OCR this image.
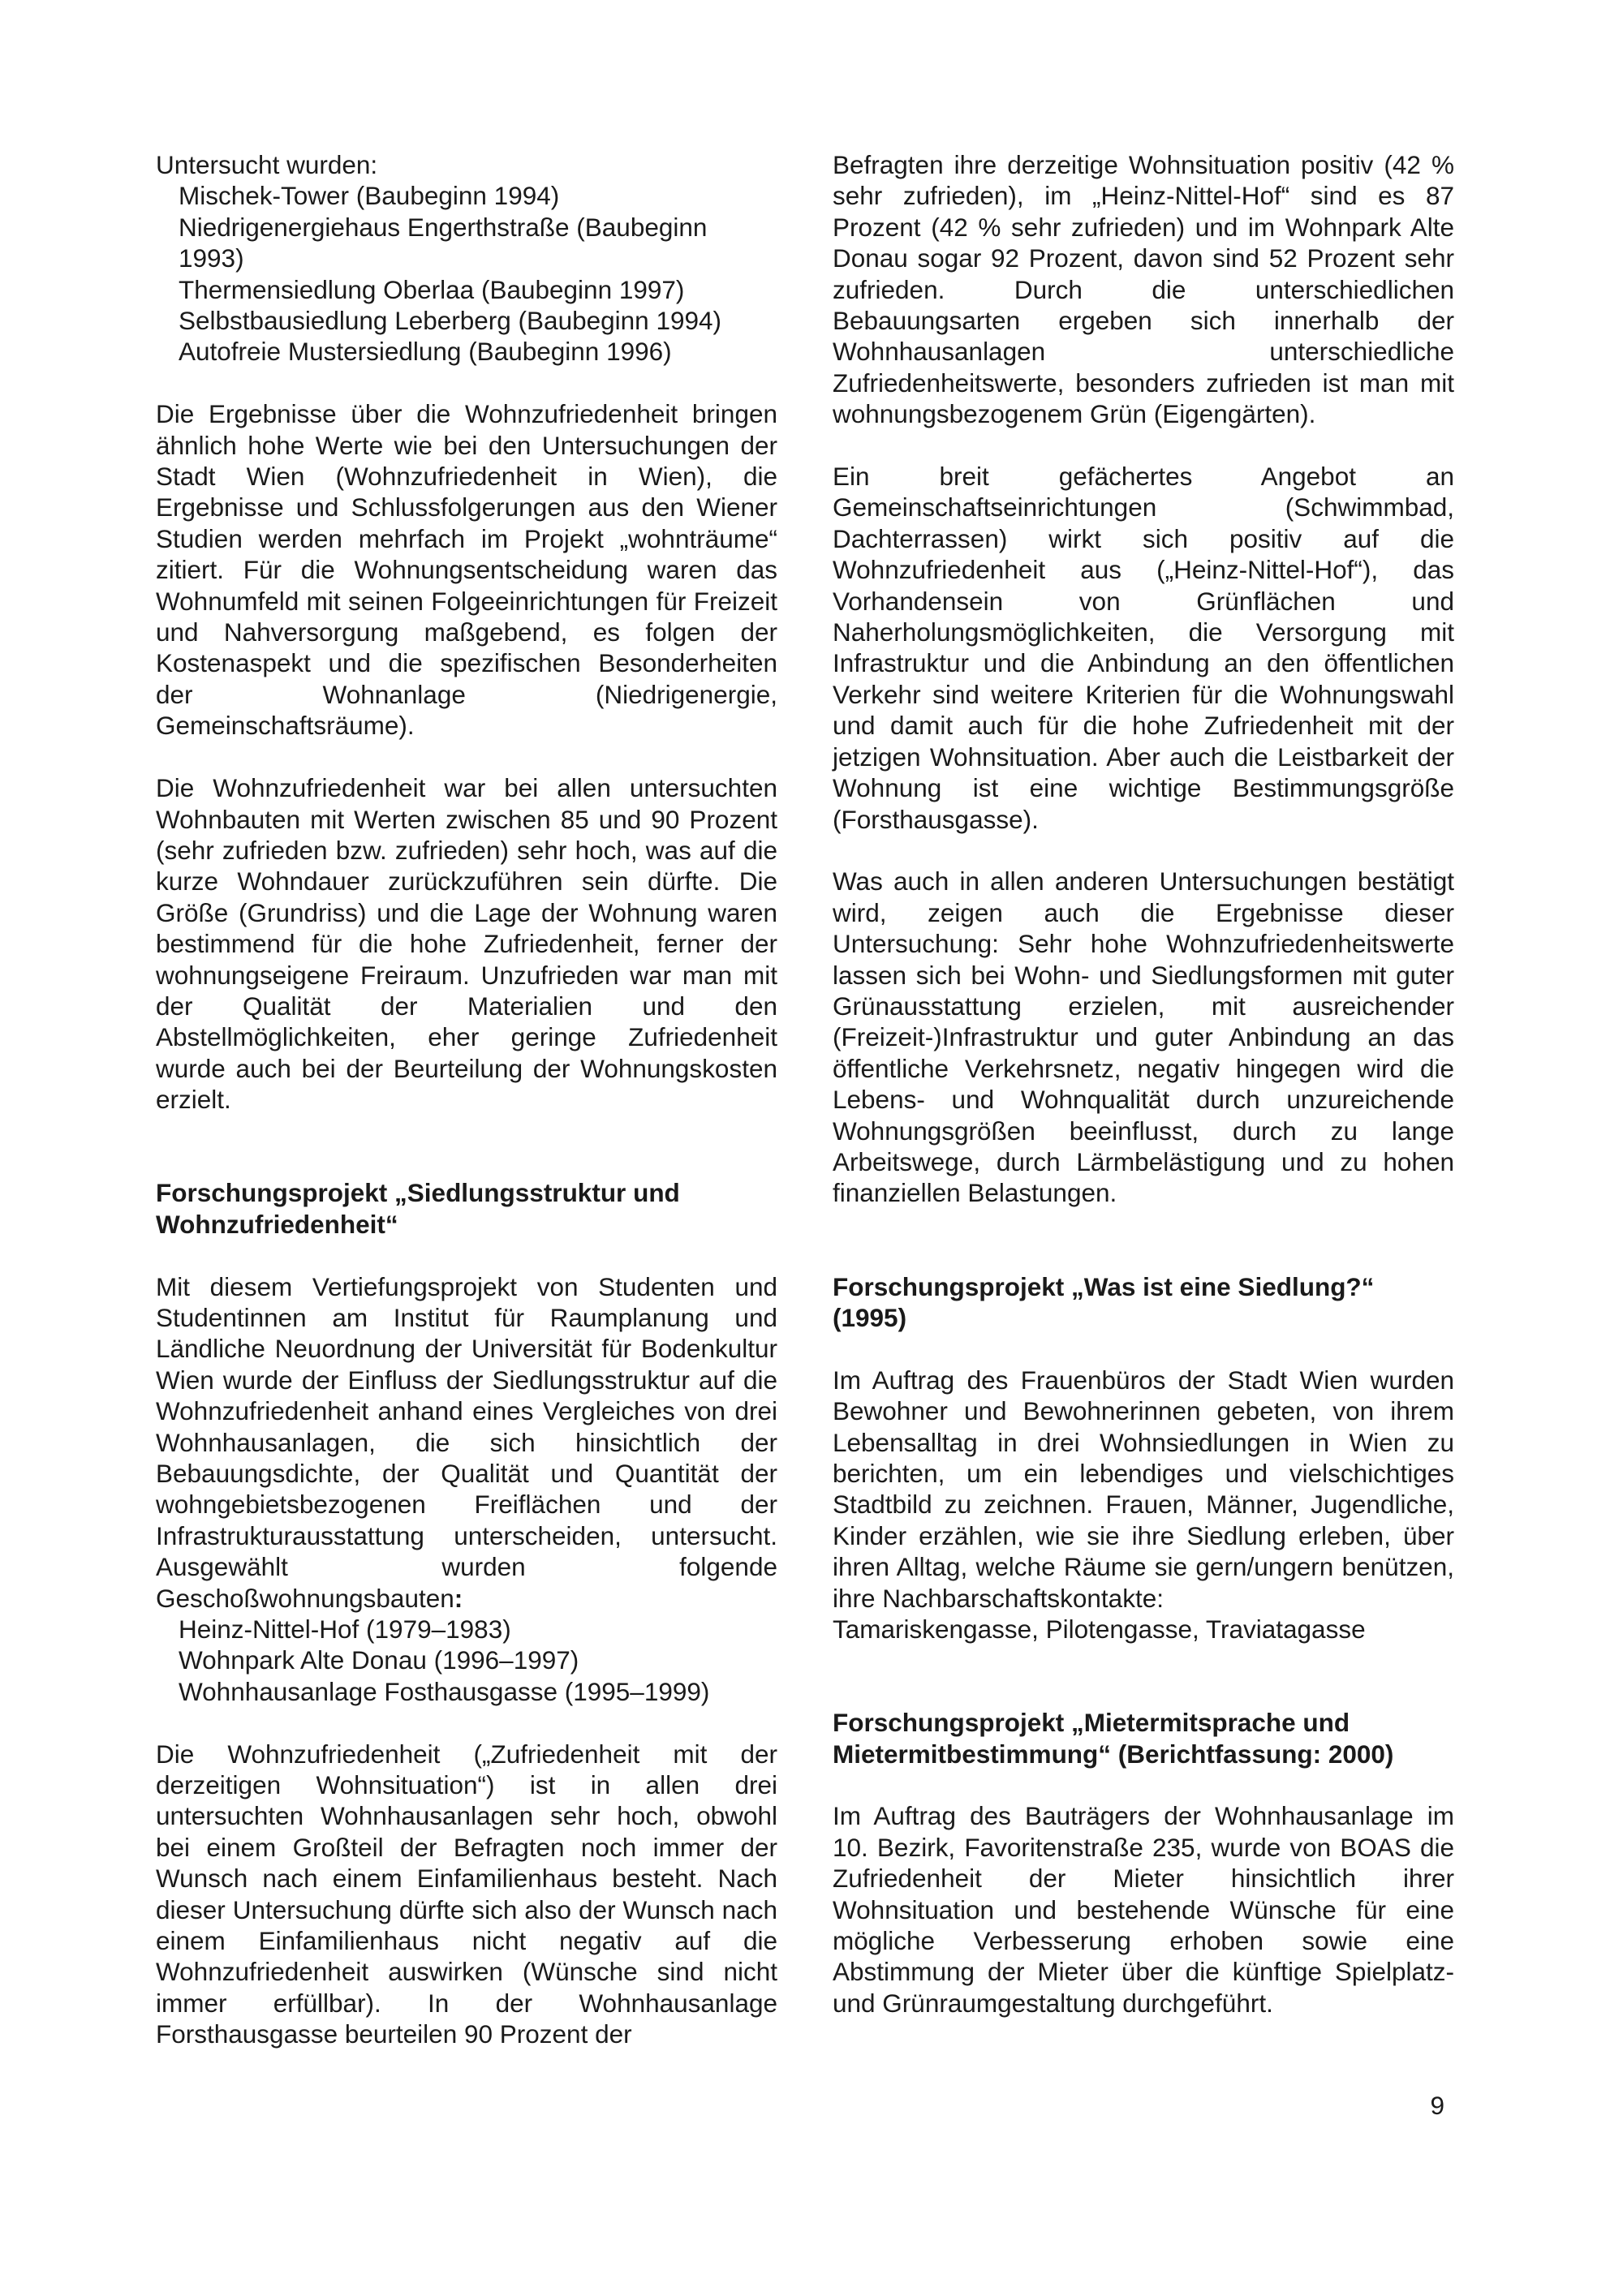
Untersucht wurden:

Mischek-Tower (Baubeginn 1994)
Niedrigenergiehaus Engerthstraße (Baubeginn 1993)
Thermensiedlung Oberlaa (Baubeginn 1997)
Selbstbausiedlung Leberberg (Baubeginn 1994)
Autofreie Mustersiedlung (Baubeginn 1996)

Die Ergebnisse über die Wohnzufriedenheit bringen ähnlich hohe Werte wie bei den Untersuchungen der Stadt Wien (Wohnzufriedenheit in Wien), die Ergebnisse und Schlussfolgerungen aus den Wiener Studien werden mehrfach im Projekt „wohnträume“ zitiert. Für die Wohnungsentscheidung waren das Wohnumfeld mit seinen Folgeeinrichtungen für Freizeit und Nahversorgung maßgebend, es folgen der Kostenaspekt und die spezifischen Besonderheiten der Wohnanlage (Niedrigenergie, Gemeinschaftsräume).

Die Wohnzufriedenheit war bei allen untersuchten Wohnbauten mit Werten zwischen 85 und 90 Prozent (sehr zufrieden bzw. zufrieden) sehr hoch, was auf die kurze Wohndauer zurückzuführen sein dürfte. Die Größe (Grundriss) und die Lage der Wohnung waren bestimmend für die hohe Zufriedenheit, ferner der wohnungseigene Freiraum. Unzufrieden war man mit der Qualität der Materialien und den Abstellmöglichkeiten, eher geringe Zufriedenheit wurde auch bei der Beurteilung der Wohnungskosten erzielt.

Forschungsprojekt „Siedlungsstruktur und Wohnzufriedenheit“

Mit diesem Vertiefungsprojekt von Studenten und Studentinnen am Institut für Raumplanung und Ländliche Neuordnung der Universität für Bodenkultur Wien wurde der Einfluss der Siedlungsstruktur auf die Wohnzufriedenheit anhand eines Vergleiches von drei Wohnhausanlagen, die sich hinsichtlich der Bebauungsdichte, der Qualität und Quantität der wohngebietsbezogenen Freiflächen und der Infrastrukturausstattung unterscheiden, untersucht. Ausgewählt wurden folgende Geschoßwohnungsbauten:

Heinz-Nittel-Hof (1979–1983)
Wohnpark Alte Donau (1996–1997)
Wohnhausanlage Fosthausgasse (1995–1999)

Die Wohnzufriedenheit („Zufriedenheit mit der derzeitigen Wohnsituation“) ist in allen drei untersuchten Wohnhausanlagen sehr hoch, obwohl bei einem Großteil der Befragten noch immer der Wunsch nach einem Einfamilienhaus besteht. Nach dieser Untersuchung dürfte sich also der Wunsch nach einem Einfamilienhaus nicht negativ auf die Wohnzufriedenheit auswirken (Wünsche sind nicht immer erfüllbar). In der Wohnhausanlage Forsthausgasse beurteilen 90 Prozent der

Befragten ihre derzeitige Wohnsituation positiv (42 % sehr zufrieden), im „Heinz-Nittel-Hof“ sind es 87 Prozent (42 % sehr zufrieden) und im Wohnpark Alte Donau sogar 92 Prozent, davon sind 52 Prozent sehr zufrieden. Durch die unterschiedlichen Bebauungsarten ergeben sich innerhalb der Wohnhausanlagen unterschiedliche Zufriedenheitswerte, besonders zufrieden ist man mit wohnungsbezogenem Grün (Eigengärten).

Ein breit gefächertes Angebot an Gemeinschaftseinrichtungen (Schwimmbad, Dachterrassen) wirkt sich positiv auf die Wohnzufriedenheit aus („Heinz-Nittel-Hof“), das Vorhandensein von Grünflächen und Naherholungsmöglichkeiten, die Versorgung mit Infrastruktur und die Anbindung an den öffentlichen Verkehr sind weitere Kriterien für die Wohnungswahl und damit auch für die hohe Zufriedenheit mit der jetzigen Wohnsituation. Aber auch die Leistbarkeit der Wohnung ist eine wichtige Bestimmungsgröße (Forsthausgasse).

Was auch in allen anderen Untersuchungen bestätigt wird, zeigen auch die Ergebnisse dieser Untersuchung: Sehr hohe Wohnzufriedenheitswerte lassen sich bei Wohn- und Siedlungsformen mit guter Grünausstattung erzielen, mit ausreichender (Freizeit-)Infrastruktur und guter Anbindung an das öffentliche Verkehrsnetz, negativ hingegen wird die Lebens- und Wohnqualität durch unzureichende Wohnungsgrößen beeinflusst, durch zu lange Arbeitswege, durch Lärmbelästigung und zu hohen finanziellen Belastungen.

Forschungsprojekt „Was ist eine Siedlung?“ (1995)

Im Auftrag des Frauenbüros der Stadt Wien wurden Bewohner und Bewohnerinnen gebeten, von ihrem Lebensalltag in drei Wohnsiedlungen in Wien zu berichten, um ein lebendiges und vielschichtiges Stadtbild zu zeichnen. Frauen, Männer, Jugendliche, Kinder erzählen, wie sie ihre Siedlung erleben, über ihren Alltag, welche Räume sie gern/ungern benützen, ihre Nachbarschaftskontakte:

Tamariskengasse, Pilotengasse, Traviatagasse

Forschungsprojekt „Mietermitsprache und Mietermitbestimmung“ (Berichtfassung: 2000)

Im Auftrag des Bauträgers der Wohnhausanlage im 10. Bezirk, Favoritenstraße 235, wurde von BOAS die Zufriedenheit der Mieter hinsichtlich ihrer Wohnsituation und bestehende Wünsche für eine mögliche Verbesserung erhoben sowie eine Abstimmung der Mieter über die künftige Spielplatz- und Grünraumgestaltung durchgeführt.

9
